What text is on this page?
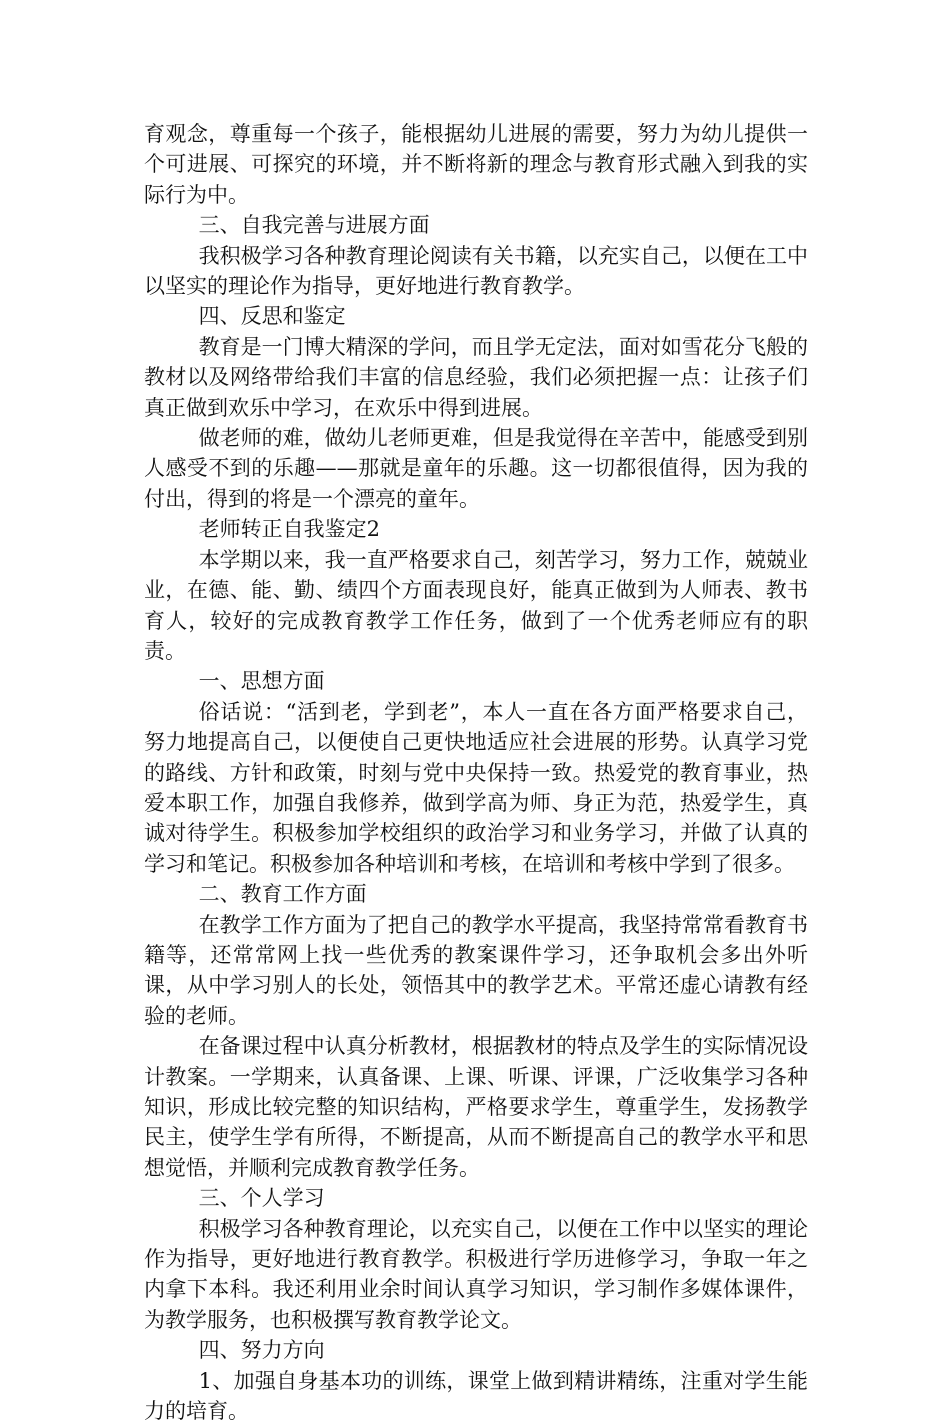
育观念，尊重每一个孩子，能根据幼儿进展的需要，努力为幼儿提供一个可进展、可探究的环境，并不断将新的理念与教育形式融入到我的实际行为中。

三、自我完善与进展方面

我积极学习各种教育理论阅读有关书籍，以充实自己，以便在工中以坚实的理论作为指导，更好地进行教育教学。

四、反思和鉴定

教育是一门博大精深的学问，而且学无定法，面对如雪花分飞般的教材以及网络带给我们丰富的信息经验，我们必须把握一点：让孩子们真正做到欢乐中学习，在欢乐中得到进展。

做老师的难，做幼儿老师更难，但是我觉得在辛苦中，能感受到别人感受不到的乐趣——那就是童年的乐趣。这一切都很值得，因为我的付出，得到的将是一个漂亮的童年。

老师转正自我鉴定2

本学期以来，我一直严格要求自己，刻苦学习，努力工作，兢兢业业，在德、能、勤、绩四个方面表现良好，能真正做到为人师表、教书育人，较好的完成教育教学工作任务，做到了一个优秀老师应有的职责。

一、思想方面

俗话说：“活到老，学到老”，本人一直在各方面严格要求自己，努力地提高自己，以便使自己更快地适应社会进展的形势。认真学习党的路线、方针和政策，时刻与党中央保持一致。热爱党的教育事业，热爱本职工作，加强自我修养，做到学高为师、身正为范，热爱学生，真诚对待学生。积极参加学校组织的政治学习和业务学习，并做了认真的学习和笔记。积极参加各种培训和考核，在培训和考核中学到了很多。

二、教育工作方面

在教学工作方面为了把自己的教学水平提高，我坚持常常看教育书籍等，还常常网上找一些优秀的教案课件学习，还争取机会多出外听课，从中学习别人的长处，领悟其中的教学艺术。平常还虚心请教有经验的老师。

在备课过程中认真分析教材，根据教材的特点及学生的实际情况设计教案。一学期来，认真备课、上课、听课、评课，广泛收集学习各种知识，形成比较完整的知识结构，严格要求学生，尊重学生，发扬教学民主，使学生学有所得，不断提高，从而不断提高自己的教学水平和思想觉悟，并顺利完成教育教学任务。

三、个人学习

积极学习各种教育理论，以充实自己，以便在工作中以坚实的理论作为指导，更好地进行教育教学。积极进行学历进修学习，争取一年之内拿下本科。我还利用业余时间认真学习知识，学习制作多媒体课件，为教学服务，也积极撰写教育教学论文。

四、努力方向

1、加强自身基本功的训练，课堂上做到精讲精练，注重对学生能力的培育。
